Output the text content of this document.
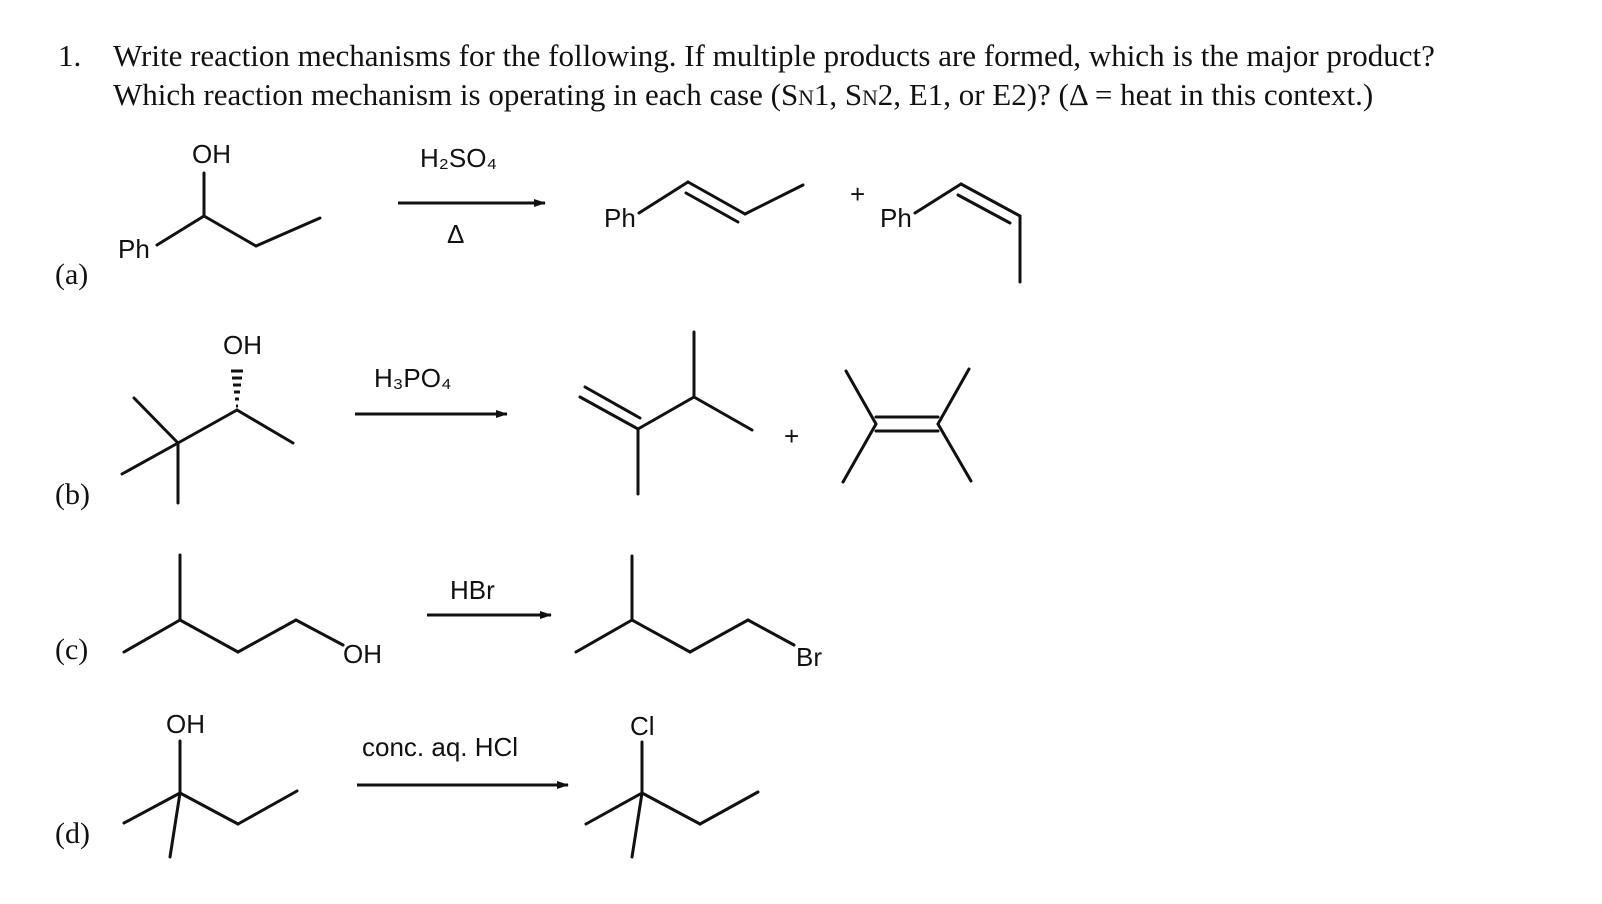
1. Write reaction mechanisms for the following. If multiple products are formed, which is the major product?
Which reaction mechanism is operating in each case (SN1, SN2, E1, or E2)? (Δ = heat in this context.)
(a)
(b)
(c)
(d)
OH
Ph
H₂SO₄
Δ
Ph
+
Ph
OH
H₃PO₄
+
OH
HBr
Br
OH
conc. aq. HCl
Cl
